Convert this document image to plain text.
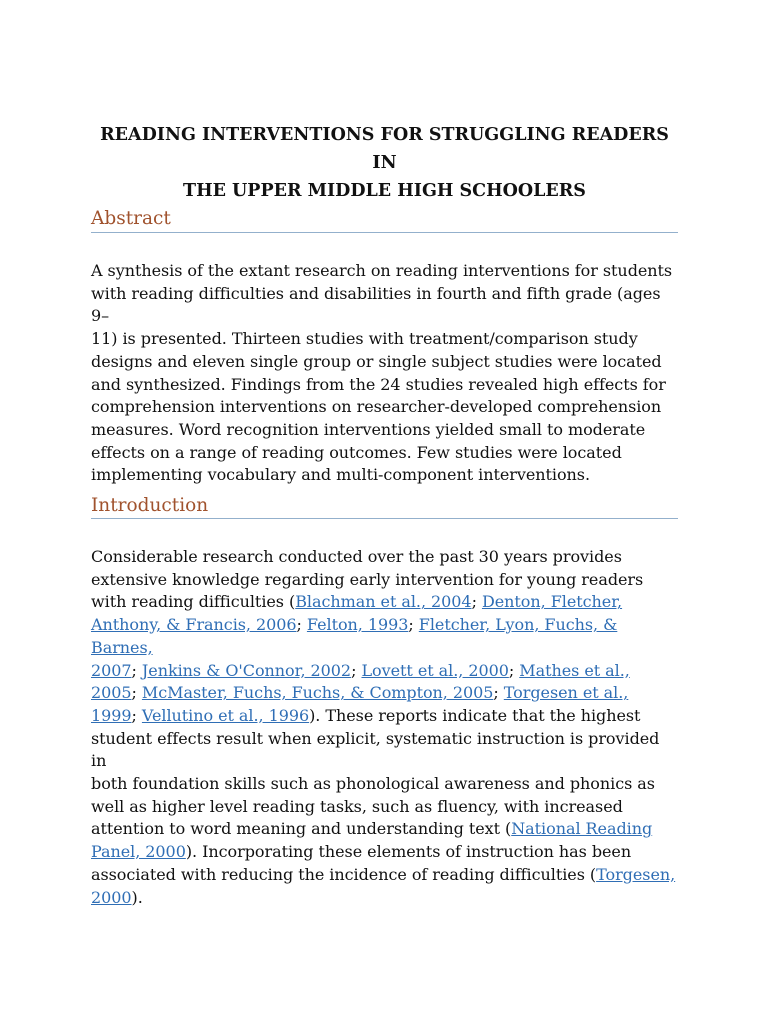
READING INTERVENTIONS FOR STRUGGLING READERS IN
THE UPPER MIDDLE HIGH SCHOOLERS
Abstract
A synthesis of the extant research on reading interventions for students
with reading difficulties and disabilities in fourth and fifth grade (ages 9–
11) is presented. Thirteen studies with treatment/comparison study
designs and eleven single group or single subject studies were located
and synthesized. Findings from the 24 studies revealed high effects for
comprehension interventions on researcher-developed comprehension
measures. Word recognition interventions yielded small to moderate
effects on a range of reading outcomes. Few studies were located
implementing vocabulary and multi-component interventions.
Introduction
Considerable research conducted over the past 30 years provides
extensive knowledge regarding early intervention for young readers
with reading difficulties (Blachman et al., 2004; Denton, Fletcher,
Anthony, & Francis, 2006; Felton, 1993; Fletcher, Lyon, Fuchs, & Barnes,
2007; Jenkins & O'Connor, 2002; Lovett et al., 2000; Mathes et al.,
2005; McMaster, Fuchs, Fuchs, & Compton, 2005; Torgesen et al.,
1999; Vellutino et al., 1996). These reports indicate that the highest
student effects result when explicit, systematic instruction is provided in
both foundation skills such as phonological awareness and phonics as
well as higher level reading tasks, such as fluency, with increased
attention to word meaning and understanding text (National Reading
Panel, 2000). Incorporating these elements of instruction has been
associated with reducing the incidence of reading difficulties (Torgesen,
2000).
